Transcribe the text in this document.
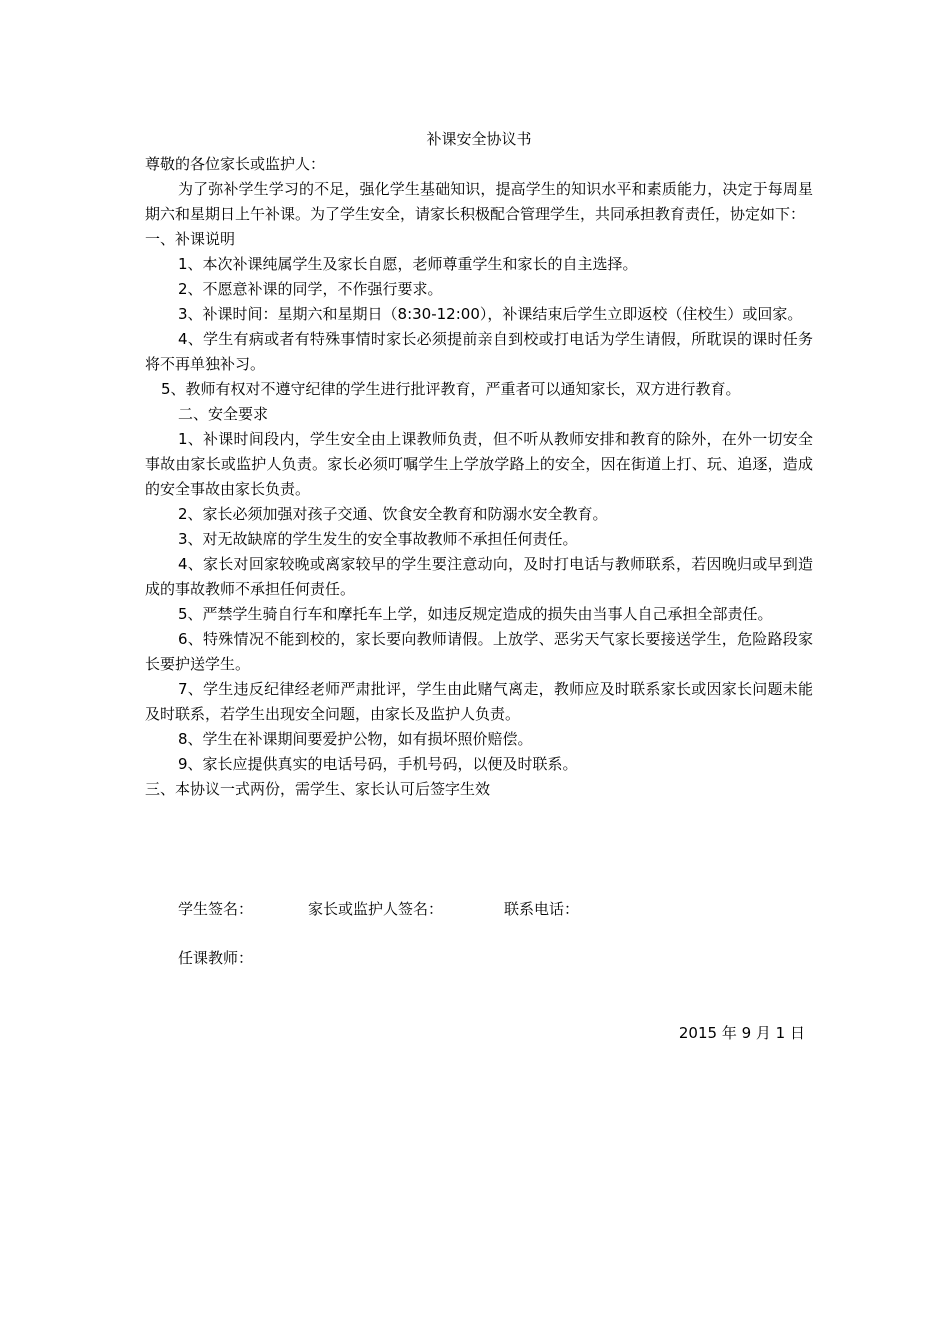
补课安全协议书

尊敬的各位家长或监护人：

为了弥补学生学习的不足，强化学生基础知识，提高学生的知识水平和素质能力，决定于每周星期六和星期日上午补课。为了学生安全，请家长积极配合管理学生，共同承担教育责任，协定如下：

一、补课说明

1、本次补课纯属学生及家长自愿，老师尊重学生和家长的自主选择。

2、不愿意补课的同学，不作强行要求。

3、补课时间：星期六和星期日（8:30-12:00），补课结束后学生立即返校（住校生）或回家。

4、学生有病或者有特殊事情时家长必须提前亲自到校或打电话为学生请假，所耽误的课时任务将不再单独补习。

5、教师有权对不遵守纪律的学生进行批评教育，严重者可以通知家长，双方进行教育。

二、安全要求

1、补课时间段内，学生安全由上课教师负责，但不听从教师安排和教育的除外，在外一切安全事故由家长或监护人负责。家长必须叮嘱学生上学放学路上的安全，因在街道上打、玩、追逐，造成的安全事故由家长负责。

2、家长必须加强对孩子交通、饮食安全教育和防溺水安全教育。

3、对无故缺席的学生发生的安全事故教师不承担任何责任。

4、家长对回家较晚或离家较早的学生要注意动向，及时打电话与教师联系，若因晚归或早到造成的事故教师不承担任何责任。

5、严禁学生骑自行车和摩托车上学，如违反规定造成的损失由当事人自己承担全部责任。

6、特殊情况不能到校的，家长要向教师请假。上放学、恶劣天气家长要接送学生，危险路段家长要护送学生。

7、学生违反纪律经老师严肃批评，学生由此赌气离走，教师应及时联系家长或因家长问题未能及时联系，若学生出现安全问题，由家长及监护人负责。

8、学生在补课期间要爱护公物，如有损坏照价赔偿。

9、家长应提供真实的电话号码，手机号码，以便及时联系。

三、本协议一式两份，需学生、家长认可后签字生效

学生签名：	家长或监护人签名：	联系电话：
任课教师：
2015 年 9 月 1 日
